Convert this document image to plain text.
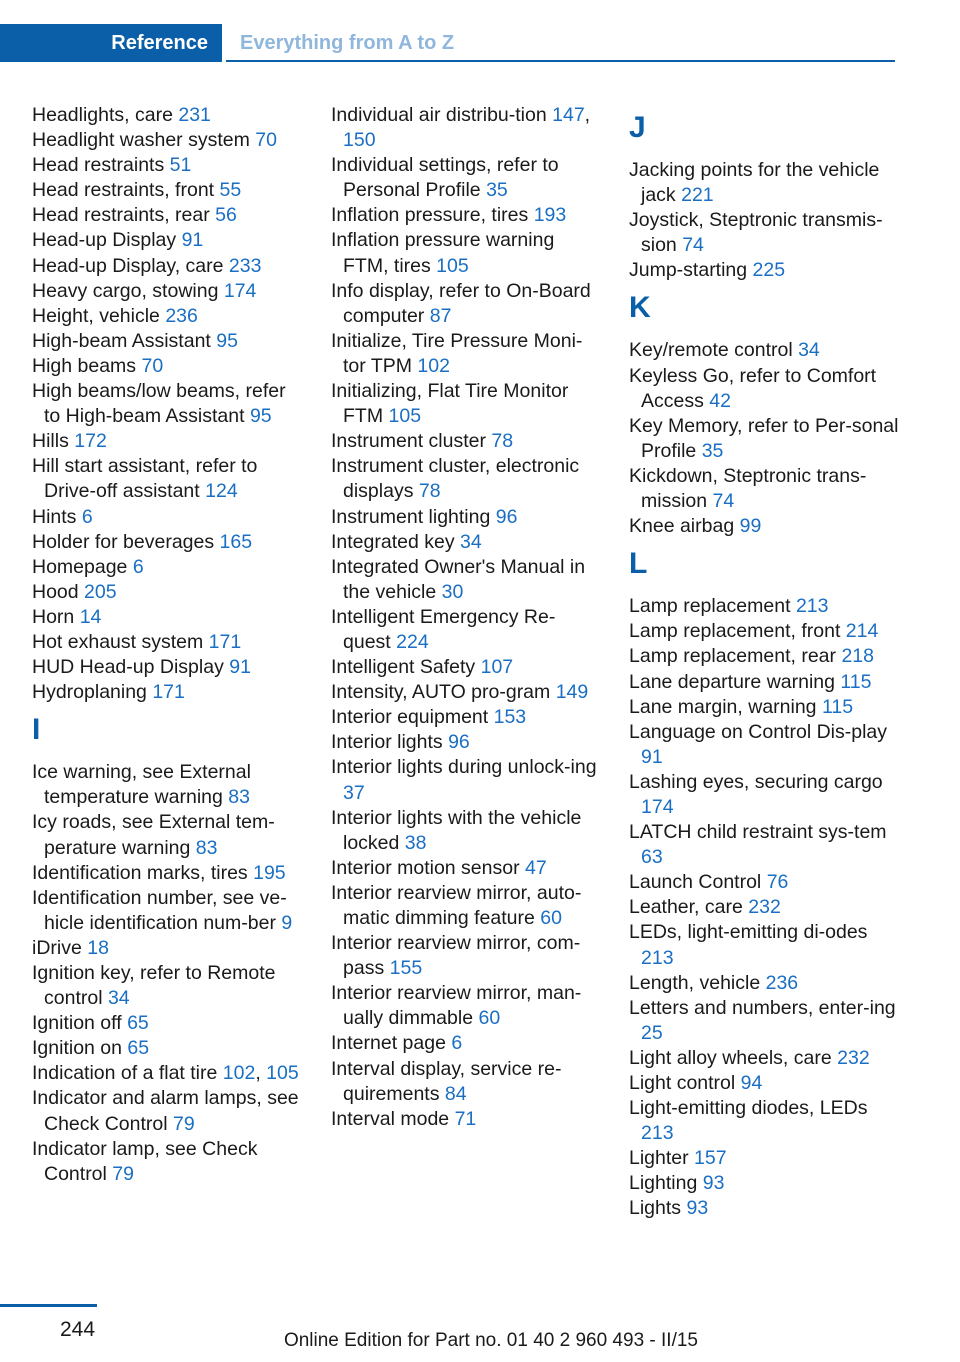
Reference	Everything from A to Z
Headlights, care 231
Headlight washer system 70
Head restraints 51
Head restraints, front 55
Head restraints, rear 56
Head-up Display 91
Head-up Display, care 233
Heavy cargo, stowing 174
Height, vehicle 236
High-beam Assistant 95
High beams 70
High beams/low beams, refer to High-beam Assistant 95
Hills 172
Hill start assistant, refer to Drive-off assistant 124
Hints 6
Holder for beverages 165
Homepage 6
Hood 205
Horn 14
Hot exhaust system 171
HUD Head-up Display 91
Hydroplaning 171
I
Ice warning, see External temperature warning 83
Icy roads, see External tem‐perature warning 83
Identification marks, tires 195
Identification number, see ve‐hicle identification num‐ber 9
iDrive 18
Ignition key, refer to Remote control 34
Ignition off 65
Ignition on 65
Indication of a flat tire 102, 105
Indicator and alarm lamps, see Check Control 79
Indicator lamp, see Check Control 79
Individual air distribu‐tion 147, 150
Individual settings, refer to Personal Profile 35
Inflation pressure, tires 193
Inflation pressure warning FTM, tires 105
Info display, refer to On-Board computer 87
Initialize, Tire Pressure Moni‐tor TPM 102
Initializing, Flat Tire Monitor FTM 105
Instrument cluster 78
Instrument cluster, electronic displays 78
Instrument lighting 96
Integrated key 34
Integrated Owner's Manual in the vehicle 30
Intelligent Emergency Re‐quest 224
Intelligent Safety 107
Intensity, AUTO pro‐gram 149
Interior equipment 153
Interior lights 96
Interior lights during unlock‐ing 37
Interior lights with the vehicle locked 38
Interior motion sensor 47
Interior rearview mirror, auto‐matic dimming feature 60
Interior rearview mirror, com‐pass 155
Interior rearview mirror, man‐ually dimmable 60
Internet page 6
Interval display, service re‐quirements 84
Interval mode 71
J
Jacking points for the vehicle jack 221
Joystick, Steptronic transmis‐sion 74
Jump-starting 225
K
Key/remote control 34
Keyless Go, refer to Comfort Access 42
Key Memory, refer to Per‐sonal Profile 35
Kickdown, Steptronic trans‐mission 74
Knee airbag 99
L
Lamp replacement 213
Lamp replacement, front 214
Lamp replacement, rear 218
Lane departure warning 115
Lane margin, warning 115
Language on Control Dis‐play 91
Lashing eyes, securing cargo 174
LATCH child restraint sys‐tem 63
Launch Control 76
Leather, care 232
LEDs, light-emitting di‐odes 213
Length, vehicle 236
Letters and numbers, enter‐ing 25
Light alloy wheels, care 232
Light control 94
Light-emitting diodes, LEDs 213
Lighter 157
Lighting 93
Lights 93
244	Online Edition for Part no. 01 40 2 960 493 - II/15
